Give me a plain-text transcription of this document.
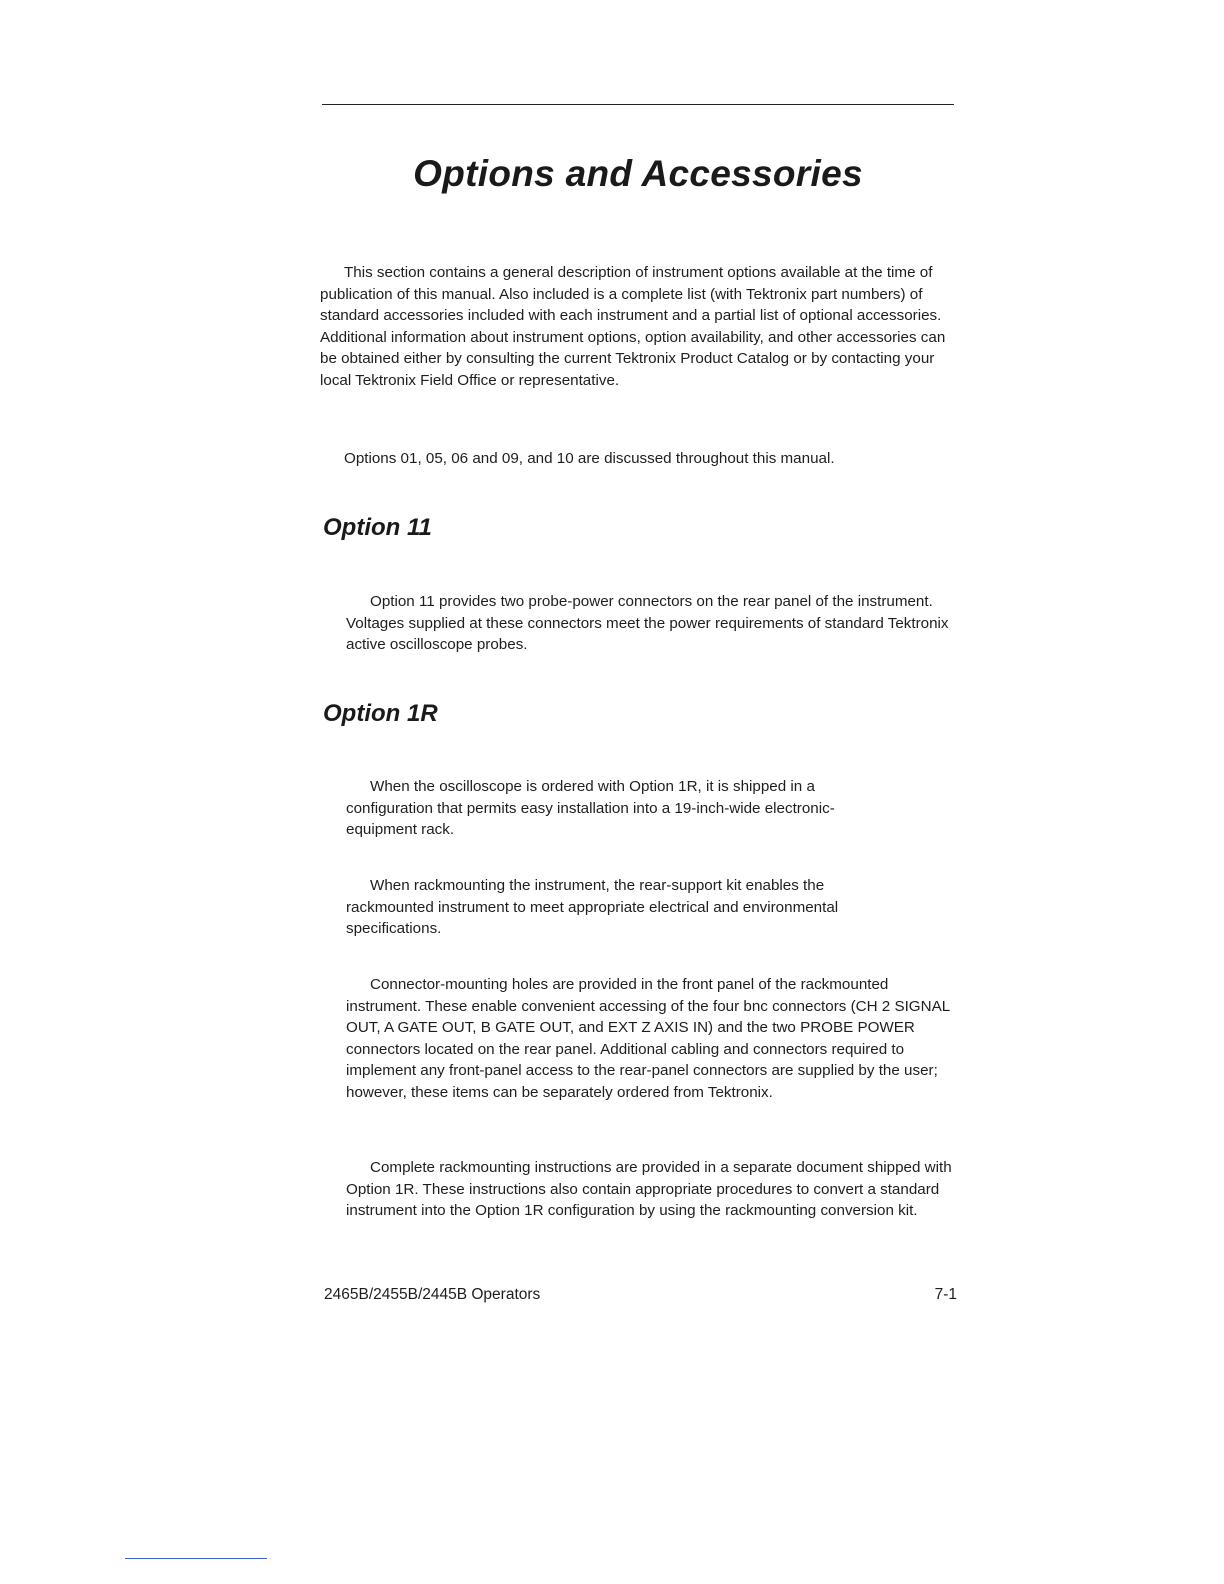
Options and Accessories

This section contains a general description of instrument options available at the time of publication of this manual. Also included is a complete list (with Tektronix part numbers) of standard accessories included with each instrument and a partial list of optional accessories. Additional information about instrument options, option availability, and other accessories can be obtained either by consulting the current Tektronix Product Catalog or by contacting your local Tektronix Field Office or representative.

Options 01, 05, 06 and 09, and 10 are discussed throughout this manual.

Option 11

Option 11 provides two probe-power connectors on the rear panel of the instrument. Voltages supplied at these connectors meet the power requirements of standard Tektronix active oscilloscope probes.

Option 1R

When the oscilloscope is ordered with Option 1R, it is shipped in a configuration that permits easy installation into a 19-inch-wide electronic-equipment rack.

When rackmounting the instrument, the rear-support kit enables the rackmounted instrument to meet appropriate electrical and environmental specifications.

Connector-mounting holes are provided in the front panel of the rackmounted instrument. These enable convenient accessing of the four bnc connectors (CH 2 SIGNAL OUT, A GATE OUT, B GATE OUT, and EXT Z AXIS IN) and the two PROBE POWER connectors located on the rear panel. Additional cabling and connectors required to implement any front-panel access to the rear-panel connectors are supplied by the user; however, these items can be separately ordered from Tektronix.

Complete rackmounting instructions are provided in a separate document shipped with Option 1R. These instructions also contain appropriate procedures to convert a standard instrument into the Option 1R configuration by using the rackmounting conversion kit.

2465B/2455B/2445B Operators	7-1
